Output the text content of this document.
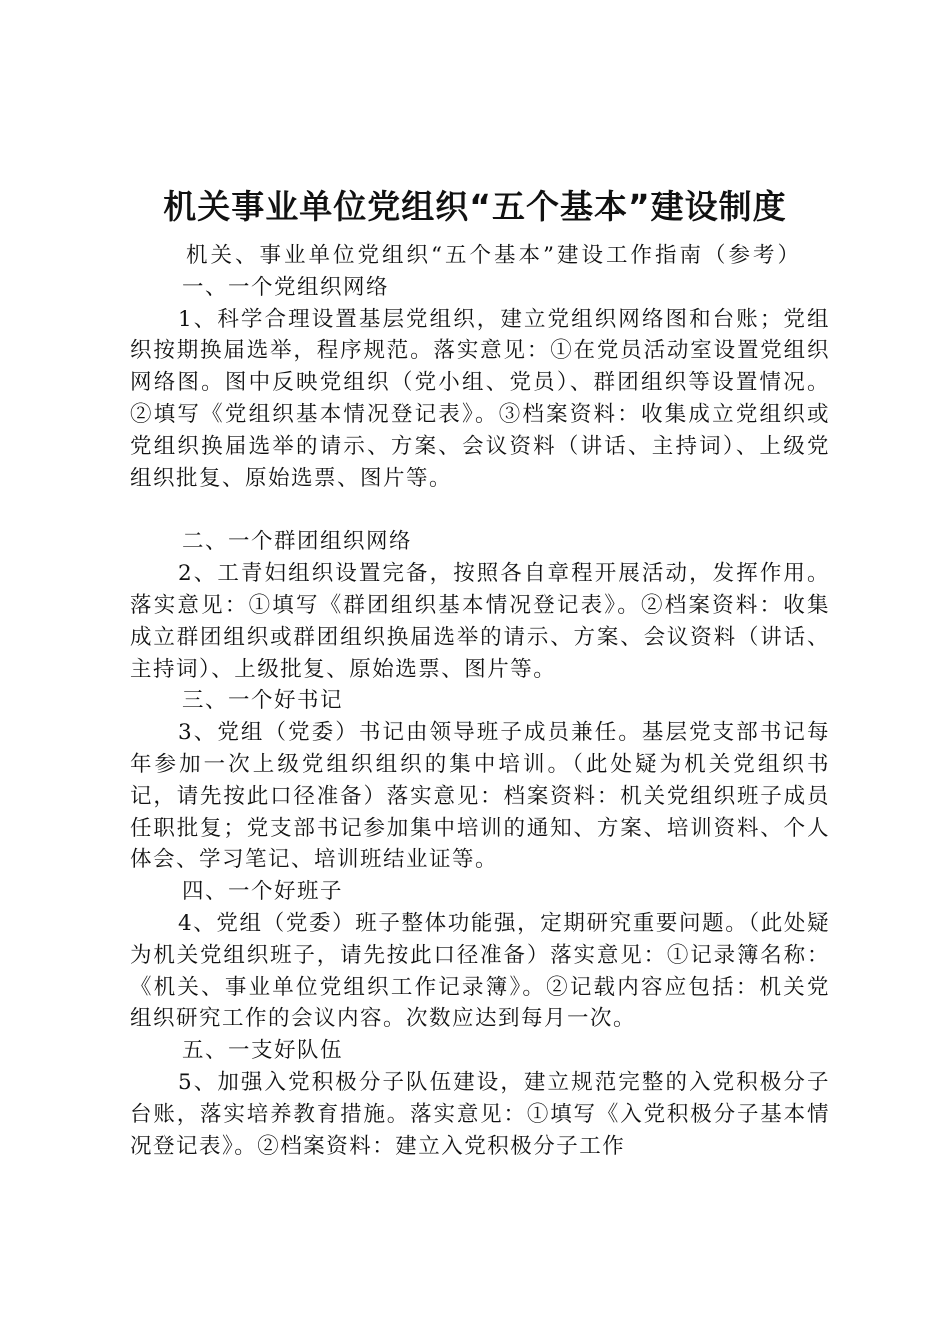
机关事业单位党组织“五个基本”建设制度

机关、事业单位党组织“五个基本”建设工作指南（参考）

一、一个党组织网络

1、科学合理设置基层党组织，建立党组织网络图和台账；党组织按期换届选举，程序规范。落实意见：①在党员活动室设置党组织网络图。图中反映党组织（党小组、党员）、群团组织等设置情况。②填写《党组织基本情况登记表》。③档案资料：收集成立党组织或党组织换届选举的请示、方案、会议资料（讲话、主持词）、上级党组织批复、原始选票、图片等。

二、一个群团组织网络

2、工青妇组织设置完备，按照各自章程开展活动，发挥作用。落实意见：①填写《群团组织基本情况登记表》。②档案资料：收集成立群团组织或群团组织换届选举的请示、方案、会议资料（讲话、主持词）、上级批复、原始选票、图片等。

三、一个好书记

3、党组（党委）书记由领导班子成员兼任。基层党支部书记每年参加一次上级党组织组织的集中培训。（此处疑为机关党组织书记，请先按此口径准备）落实意见：档案资料：机关党组织班子成员任职批复；党支部书记参加集中培训的通知、方案、培训资料、个人体会、学习笔记、培训班结业证等。

四、一个好班子

4、党组（党委）班子整体功能强，定期研究重要问题。（此处疑为机关党组织班子，请先按此口径准备）落实意见：①记录簿名称：《机关、事业单位党组织工作记录簿》。②记载内容应包括：机关党组织研究工作的会议内容。次数应达到每月一次。

五、一支好队伍

5、加强入党积极分子队伍建设，建立规范完整的入党积极分子台账，落实培养教育措施。落实意见：①填写《入党积极分子基本情况登记表》。②档案资料：建立入党积极分子工作
